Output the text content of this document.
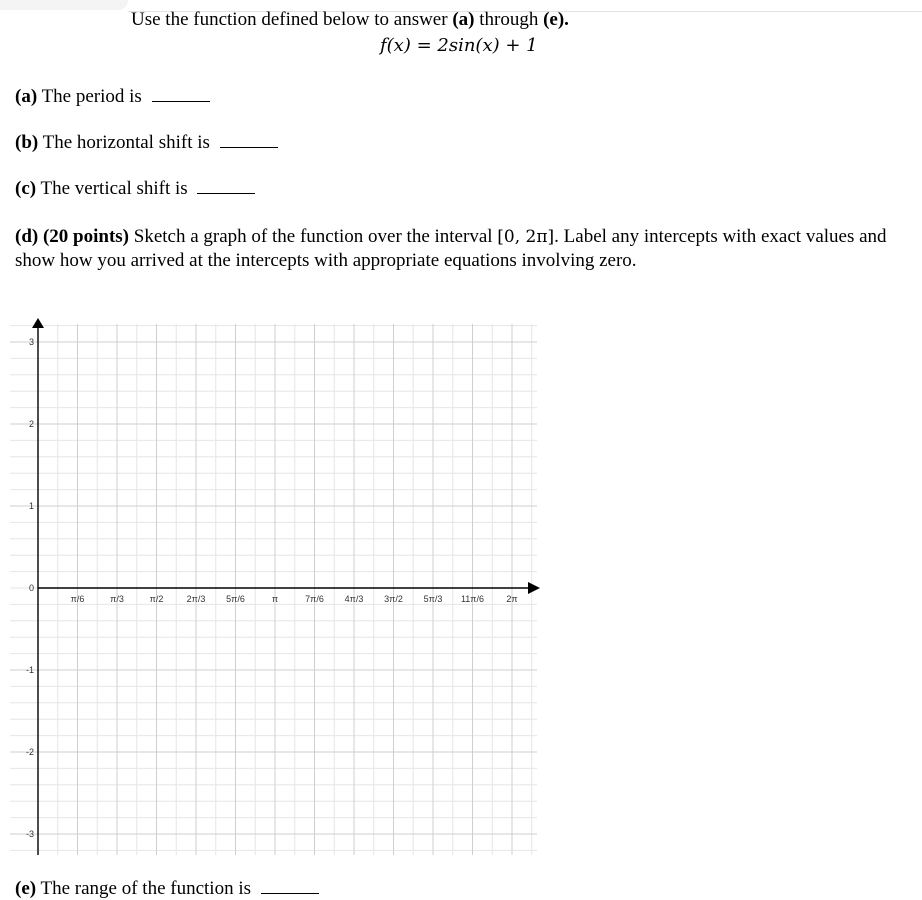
Use the function defined below to answer (a) through (e).
f(x) = 2sin(x) + 1
(a) The period is
(b) The horizontal shift is
(c) The vertical shift is
(d) (20 points) Sketch a graph of the function over the interval [0, 2π]. Label any intercepts with exact values and show how you arrived at the intercepts with appropriate equations involving zero.
π/6	π/3	π/2	2π/3 5π/6	π	7π/6 4π/3 3π/2 5π/3 11π/6 2π
3
2
1
0
-1
-2
-3
(e) The range of the function is
